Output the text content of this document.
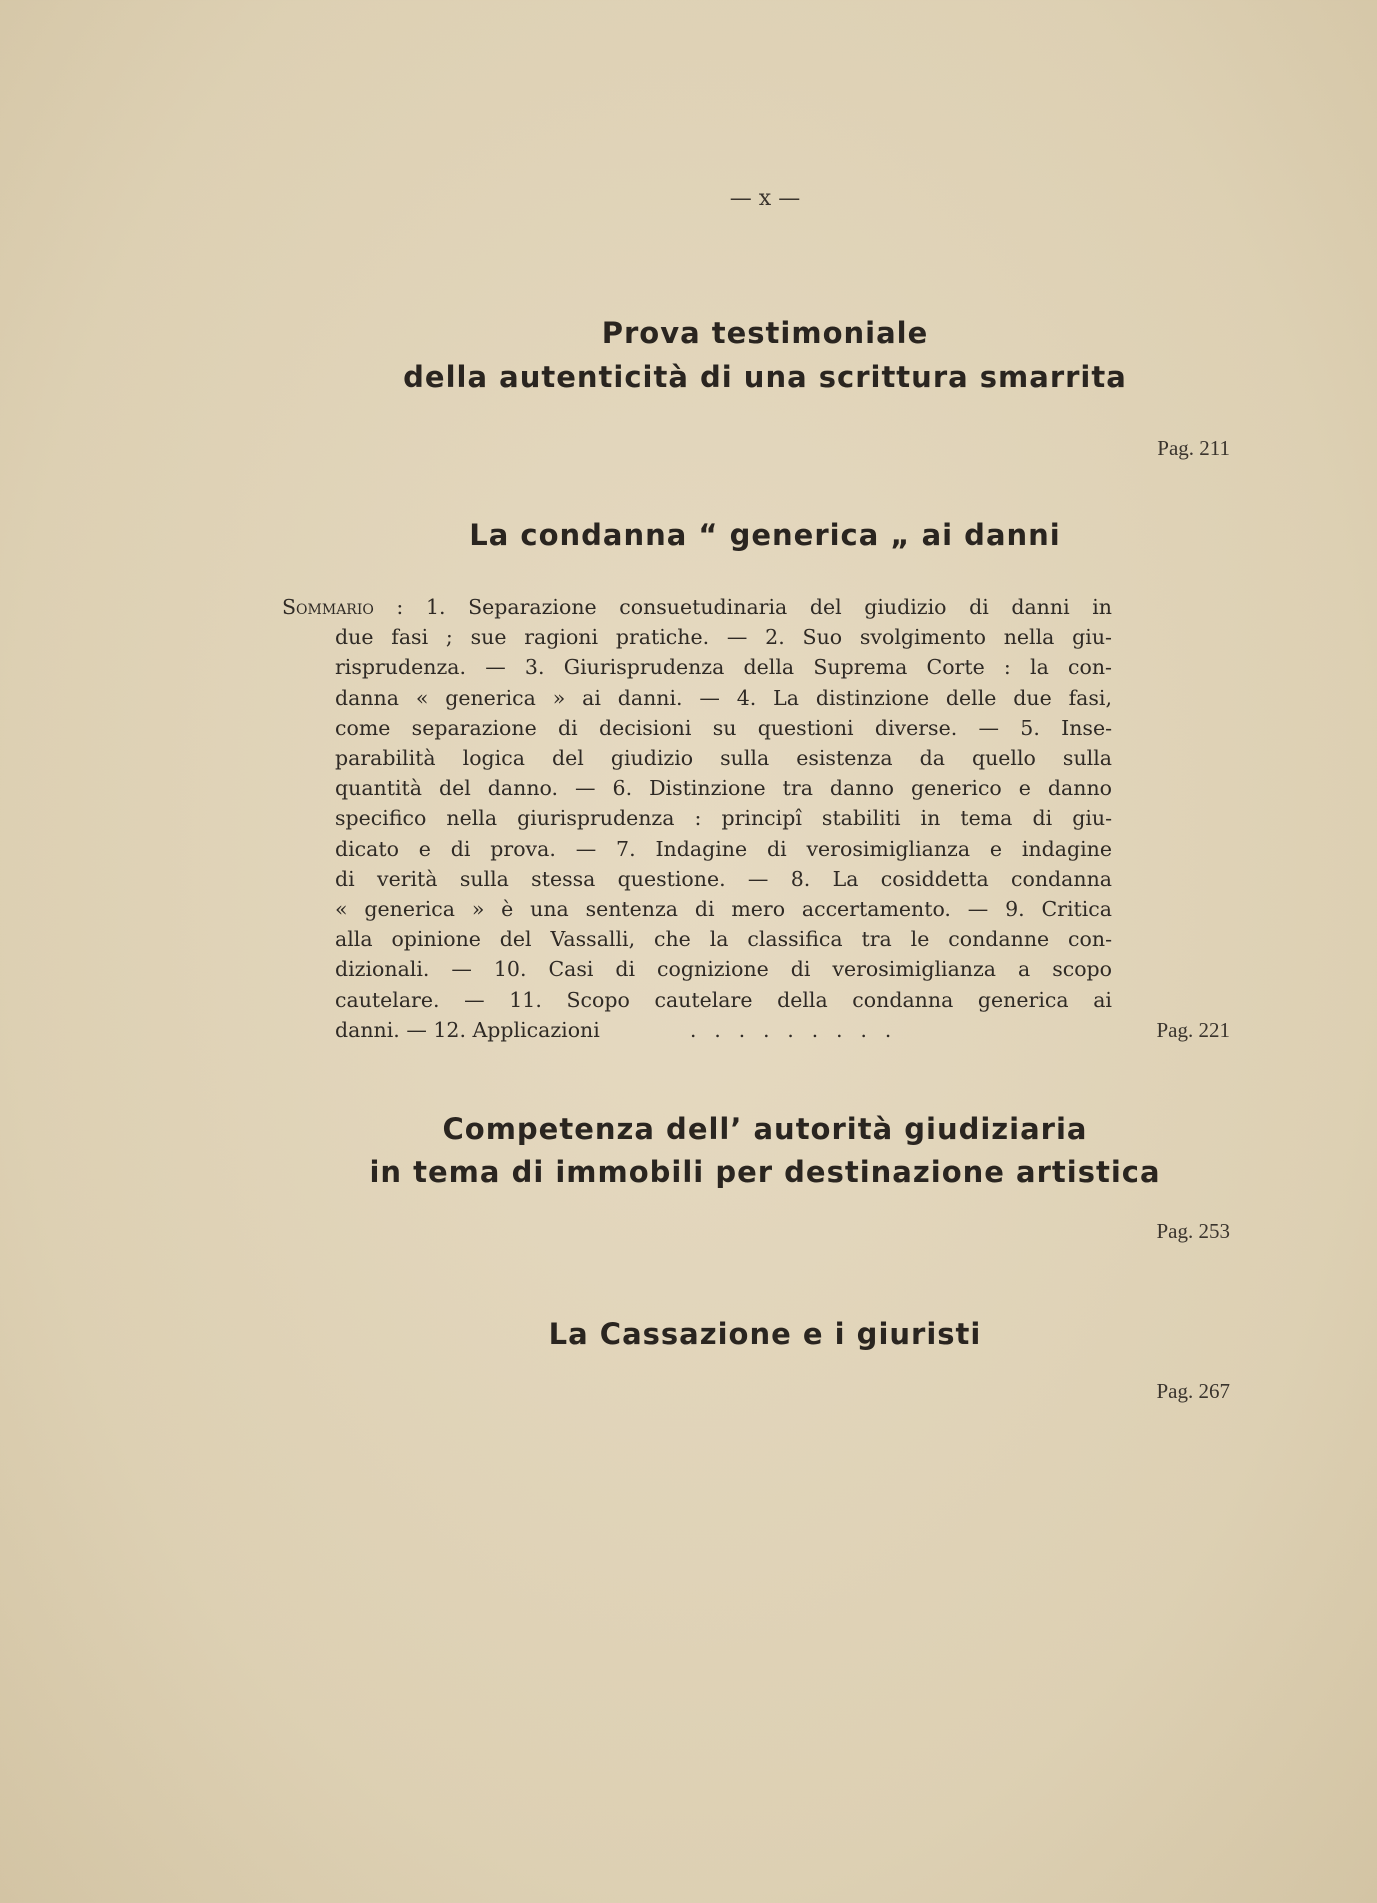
— x —
Prova testimoniale
della autenticità di una scrittura smarrita
Pag. 211
La condanna “ generica „ ai danni
Sommario : 1. Separazione consuetudinaria del giudizio di danni in
due fasi ; sue ragioni pratiche. — 2. Suo svolgimento nella giu-
risprudenza. — 3. Giurisprudenza della Suprema Corte : la con-
danna « generica » ai danni. — 4. La distinzione delle due fasi,
come separazione di decisioni su questioni diverse. — 5. Inse-
parabilità logica del giudizio sulla esistenza da quello sulla
quantità del danno. — 6. Distinzione tra danno generico e danno
specifico nella giurisprudenza : principî stabiliti in tema di giu-
dicato e di prova. — 7. Indagine di verosimiglianza e indagine
di verità sulla stessa questione. — 8. La cosiddetta condanna
« generica » è una sentenza di mero accertamento. — 9. Critica
alla opinione del Vassalli, che la classifica tra le condanne con-
dizionali. — 10. Casi di cognizione di verosimiglianza a scopo
cautelare. — 11. Scopo cautelare della condanna generica ai
danni. — 12. Applicazioni	.........	Pag. 221
Competenza dell’ autorità giudiziaria
in tema di immobili per destinazione artistica
Pag. 253
La Cassazione e i giuristi
Pag. 267
